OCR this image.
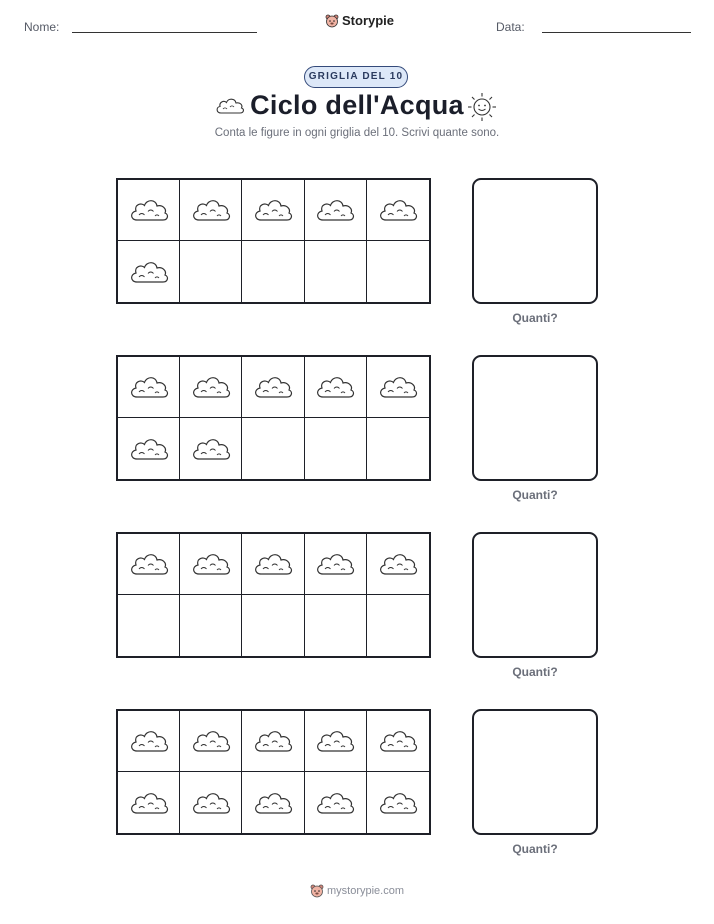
Nome:	Storypie	Data:
GRIGLIA DEL 10
Ciclo dell'Acqua
Conta le figure in ogni griglia del 10. Scrivi quante sono.
Quanti?
Quanti?
Quanti?
Quanti?
mystorypie.com
